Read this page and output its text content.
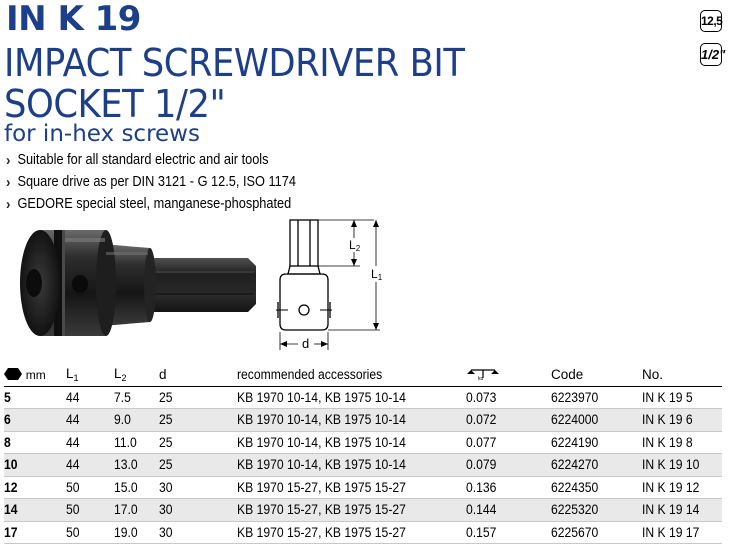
IN K 19
IMPACT SCREWDRIVER BIT
SOCKET 1/2"
for in-hex screws
12,5
1/2"
› Suitable for all standard electric and air tools
› Square drive as per DIN 3121 - G 12.5, ISO 1174
› GEDORE special steel, manganese-phosphated
L2
L1
d
mm	$L_1$	$L_2$	d	recommended accessories	kg	Code	No.
5	44	7.5	25	KB 1970 10-14, KB 1975 10-14	0.073	6223970	IN K 19 5
6	44	9.0	25	KB 1970 10-14, KB 1975 10-14	0.072	6224000	IN K 19 6
8	44	11.0	25	KB 1970 10-14, KB 1975 10-14	0.077	6224190	IN K 19 8
10	44	13.0	25	KB 1970 10-14, KB 1975 10-14	0.079	6224270	IN K 19 10
12	50	15.0	30	KB 1970 15-27, KB 1975 15-27	0.136	6224350	IN K 19 12
14	50	17.0	30	KB 1970 15-27, KB 1975 15-27	0.144	6225320	IN K 19 14
17	50	19.0	30	KB 1970 15-27, KB 1975 15-27	0.157	6225670	IN K 19 17
